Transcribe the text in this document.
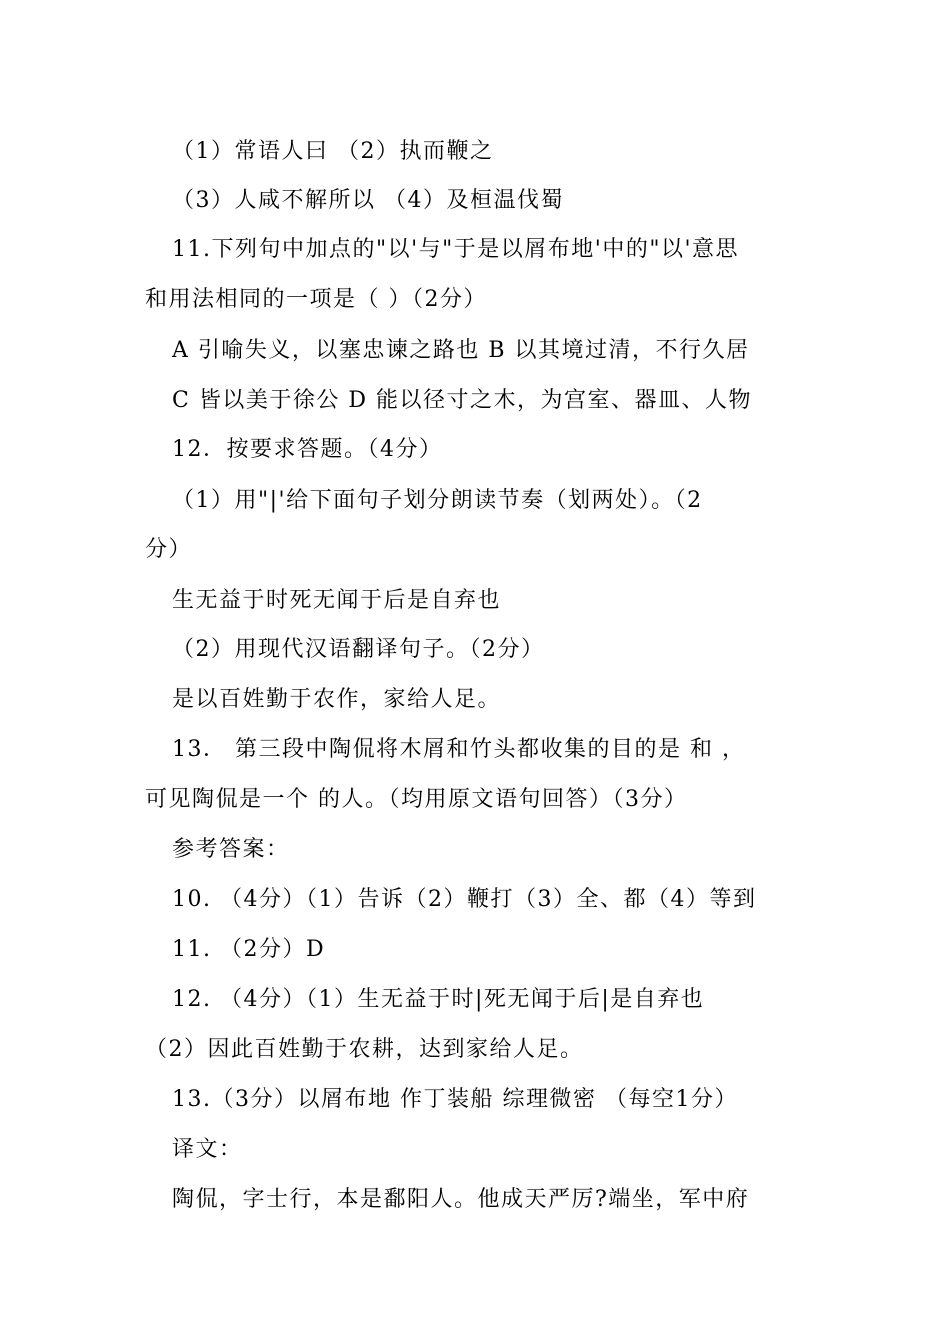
（1）常语人曰 （2）执而鞭之
（3）人咸不解所以 （4）及桓温伐蜀
11.下列句中加点的"以'与"于是以屑布地'中的"以'意思
和用法相同的一项是（ ）（2分）
A 引喻失义，以塞忠谏之路也 B 以其境过清，不行久居
C 皆以美于徐公 D 能以径寸之木，为宫室、器皿、人物
12．按要求答题。（4分）
（1）用"|'给下面句子划分朗读节奏（划两处）。（2
分）
生无益于时死无闻于后是自弃也
（2）用现代汉语翻译句子。（2分）
是以百姓勤于农作，家给人足。
13． 第三段中陶侃将木屑和竹头都收集的目的是 和 ，
可见陶侃是一个 的人。（均用原文语句回答）（3分）
参考答案：
10. （4分）（1）告诉（2）鞭打（3）全、都（4）等到
11. （2分）D
12. （4分）（1）生无益于时|死无闻于后|是自弃也
（2）因此百姓勤于农耕，达到家给人足。
13.（3分）以屑布地 作丁装船 综理微密 （每空1分）
译文：
陶侃，字士行，本是鄱阳人。他成天严厉?端坐，军中府
